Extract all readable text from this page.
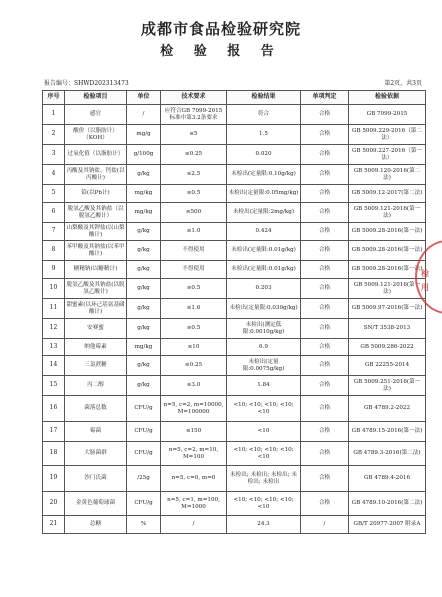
成都市食品检验研究院
检 验 报 告
报告编号：SHWD202313473	第2页，共3页
序号	检验项目	单位	技术要求	检验结果	单项判定	检验依据
1	感官	/	应符合GB 7099-2015标准中第3.2条要求	符合	合格	GB 7099-2015
2	酸价（以脂肪计）（KOH）	mg/g	≤5	1.5	合格	GB 5009.229-2016（第二法）
3	过氧化值（以脂肪计）	g/100g	≤0.25	0.020	合格	GB 5009.227-2016（第一法）
4	丙酸及其钠盐、钙盐(以丙酸计)	g/kg	≤2.5	未检出(定量限:0.10g/kg)	合格	GB 5009.120-2016(第二法)
5	铅(以Pb计)	mg/kg	≤0.5	未检出(定量限:0.05mg/kg)	合格	GB 5009.12-2017(第二法)
6	脱氢乙酸及其钠盐（以脱氢乙酸计）	mg/kg	≤500	未检出(定量限:2mg/kg)	合格	GB 5009.121-2016(第一法)
7	山梨酸及其钾盐(以山梨酸计)	g/kg	≤1.0	0.424	合格	GB 5009.28-2016(第一法)
8	苯甲酸及其钠盐(以苯甲酸计)	g/kg	不得使用	未检出(定量限:0.01g/kg)	合格	GB 5009.28-2016(第一法)
9	糖精钠(以糖精计)	g/kg	不得使用	未检出(定量限:0.01g/kg)	合格	GB 5009.28-2016(第一法)
10	脱氢乙酸及其钠盐(以脱氢乙酸计)	g/kg	≤0.5	0.203	合格	GB 5009.121-2016(第一法)
11	甜蜜素(以环己基氨基磺酸计)	g/kg	≤1.6	未检出(定量限:0.030g/kg)	合格	GB 5009.97-2016(第一法)
12	安赛蜜	g/kg	≤0.5	未检出(测定低限:0.0010g/kg)	合格	SN/T 3538-2013
13	纳他霉素	mg/kg	≤10	6.9	合格	GB 5009.286-2022
14	三氯蔗糖	g/kg	≤0.25	未检出(定量限:0.0075g/kg)	合格	GB 22255-2014
15	丙二醇	g/kg	≤3.0	1.84	合格	GB 5009.251-2016(第一法)
16	菌落总数	CFU/g	n=5, c=2, m=10000, M=100000	<10; <10; <10; <10; <10	合格	GB 4789.2-2022
17	霉菌	CFU/g	≤150	<10	合格	GB 4789.15-2016(第一法)
18	大肠菌群	CFU/g	n=5, c=2, m=10, M=100	<10; <10; <10; <10; <10	合格	GB 4789.3-2016(第二法)
19	沙门氏菌	/25g	n=5, c=0, m=0	未检出; 未检出; 未检出; 未检出; 未检出	合格	GB 4789.4-2016
20	金黄色葡萄球菌	CFU/g	n=5, c=1, m=100, M=1000	<10; <10; <10; <10; <10	合格	GB 4789.10-2016(第二法)
21	总糖	%	/	24.3	/	GB/T 20977-2007 附录A
检
用
